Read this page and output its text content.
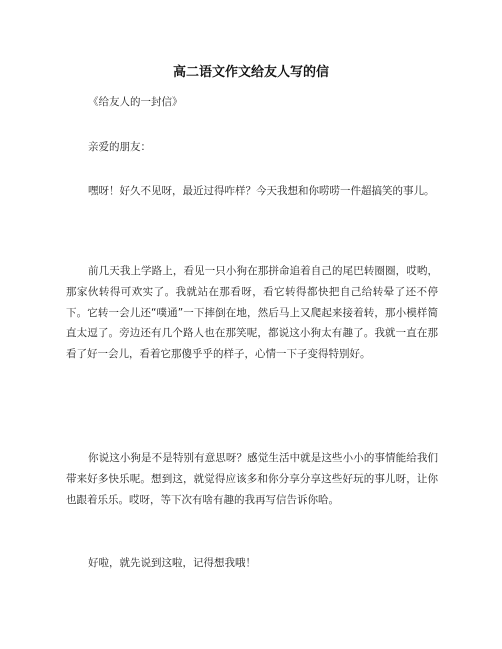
高二语文作文给友人写的信
《给友人的一封信》
亲爱的朋友：

嘿呀！好久不见呀，最近过得咋样？今天我想和你唠唠一件超搞笑的事儿。

前几天我上学路上，看见一只小狗在那拼命追着自己的尾巴转圈圈，哎哟，那家伙转得可欢实了。我就站在那看呀，看它转得都快把自己给转晕了还不停下。它转一会儿还“噗通”一下摔倒在地，然后马上又爬起来接着转，那小模样简直太逗了。旁边还有几个路人也在那笑呢，都说这小狗太有趣了。我就一直在那看了好一会儿，看着它那傻乎乎的样子，心情一下子变得特别好。

你说这小狗是不是特别有意思呀？感觉生活中就是这些小小的事情能给我们带来好多快乐呢。想到这，就觉得应该多和你分享分享这些好玩的事儿呀，让你也跟着乐乐。哎呀，等下次有啥有趣的我再写信告诉你哈。

好啦，就先说到这啦，记得想我哦！
